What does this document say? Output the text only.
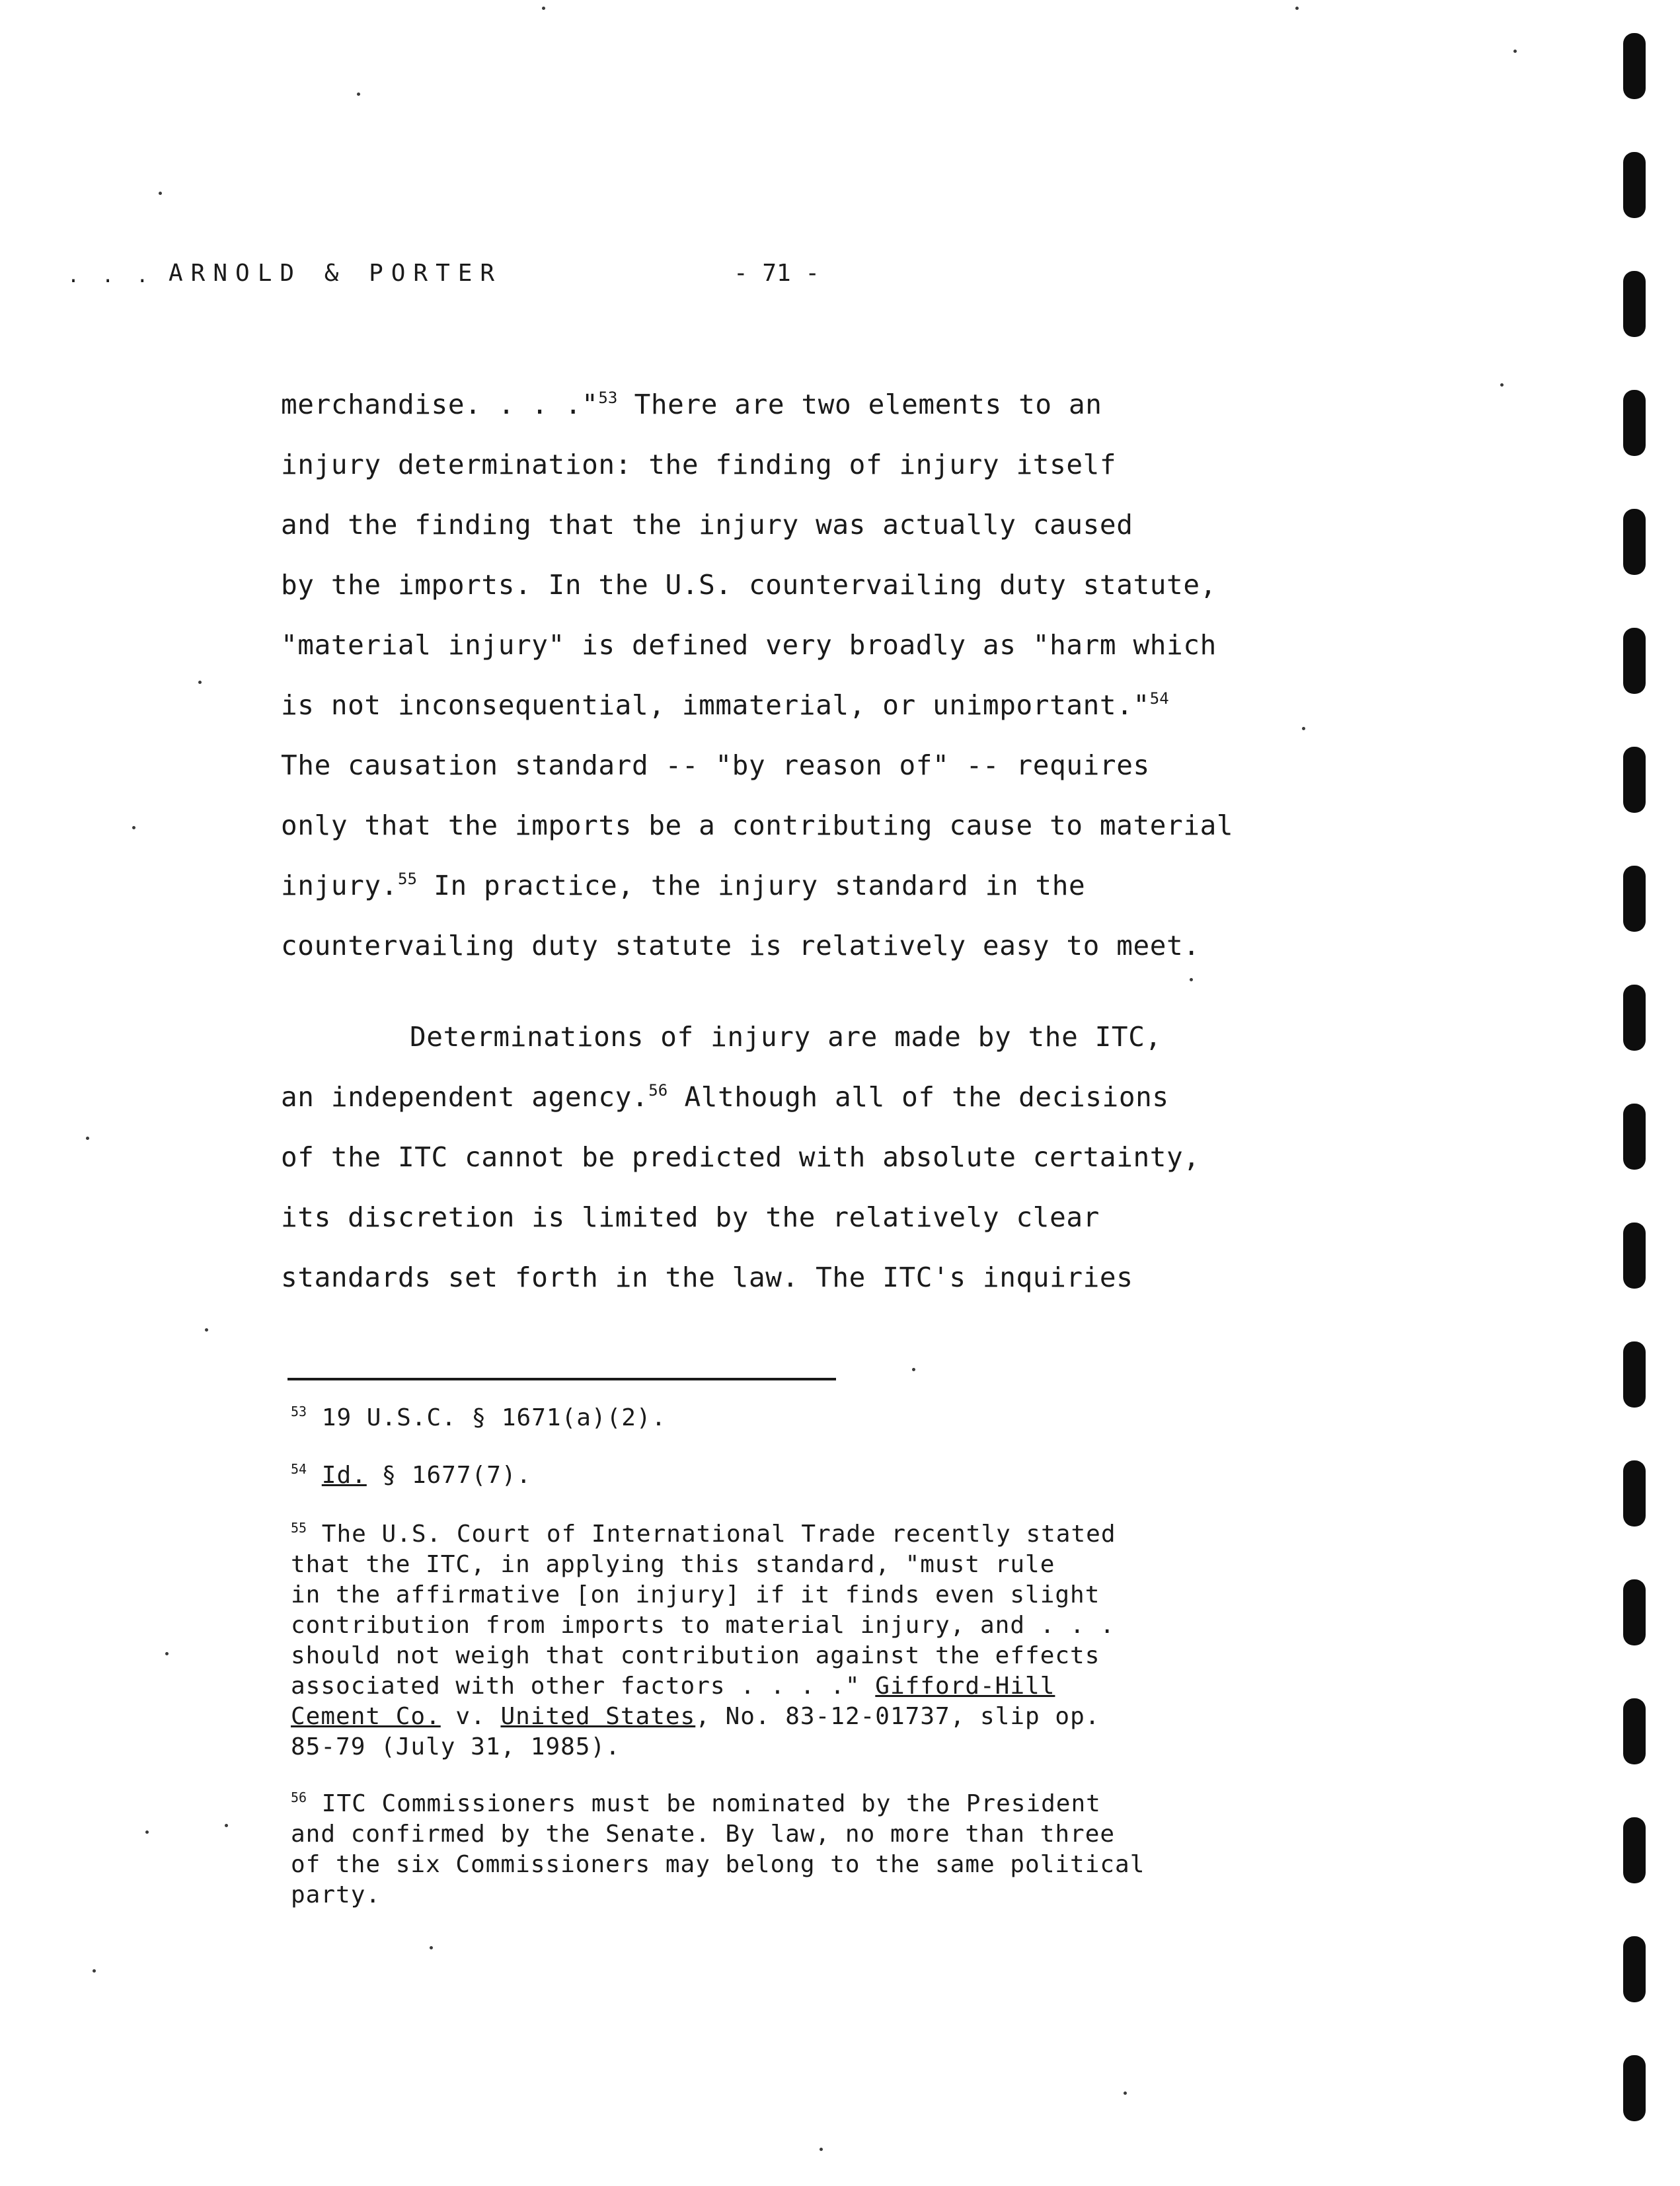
. . . ARNOLD & PORTER	- 71 -
merchandise. . . ."$^{53}$ There are two elements to an
injury determination: the finding of injury itself
and the finding that the injury was actually caused
by the imports. In the U.S. countervailing duty statute,
"material injury" is defined very broadly as "harm which
is not inconsequential, immaterial, or unimportant."$^{54}$
The causation standard -- "by reason of" -- requires
only that the imports be a contributing cause to material
injury.$^{55}$ In practice, the injury standard in the
countervailing duty statute is relatively easy to meet.
Determinations of injury are made by the ITC,
an independent agency.$^{56}$ Although all of the decisions
of the ITC cannot be predicted with absolute certainty,
its discretion is limited by the relatively clear
standards set forth in the law. The ITC's inquiries
$^{53}$ 19 U.S.C. § 1671(a)(2).
$^{54}$ Id. § 1677(7).
$^{55}$ The U.S. Court of International Trade recently stated
that the ITC, in applying this standard, "must rule
in the affirmative [on injury] if it finds even slight
contribution from imports to material injury, and . . .
should not weigh that contribution against the effects
associated with other factors . . . ." Gifford-Hill
Cement Co. v. United States, No. 83-12-01737, slip op.
85-79 (July 31, 1985).
$^{56}$ ITC Commissioners must be nominated by the President
and confirmed by the Senate. By law, no more than three
of the six Commissioners may belong to the same political
party.
